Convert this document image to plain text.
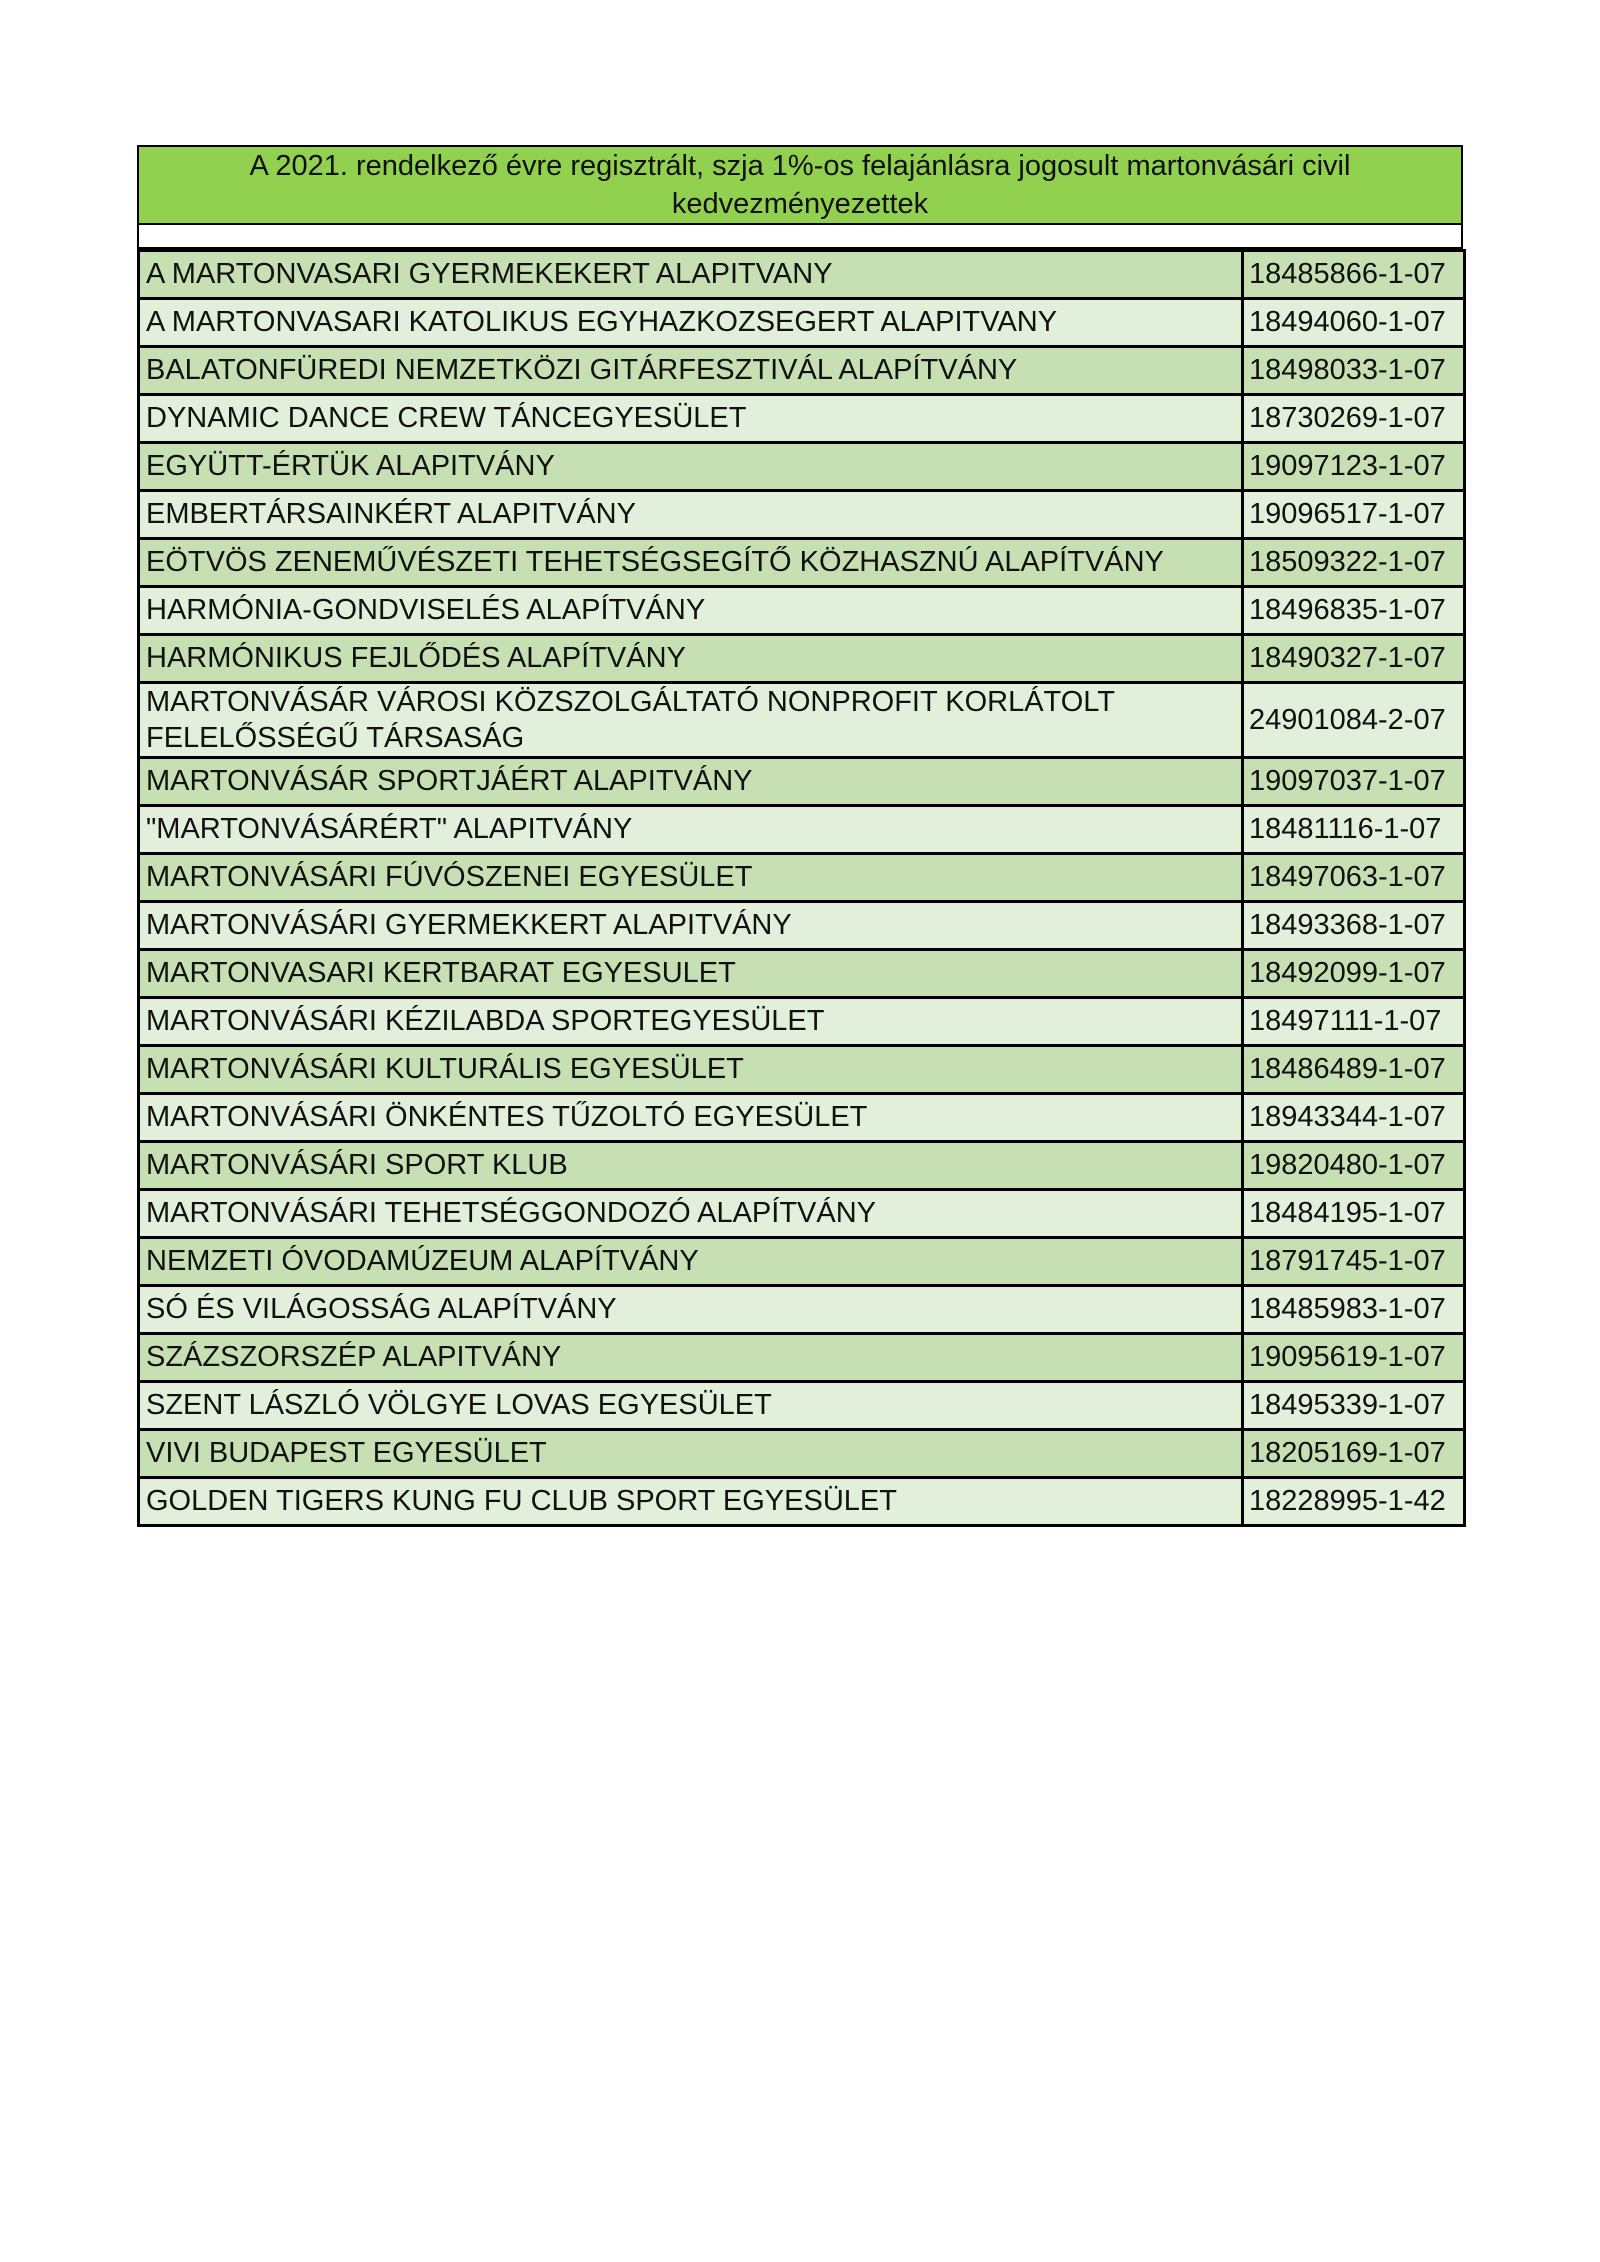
A 2021. rendelkező évre regisztrált, szja 1%-os felajánlásra jogosult martonvásári civil
kedvezményezettek
A MARTONVASARI GYERMEKEKERT ALAPITVANY	18485866-1-07
A MARTONVASARI KATOLIKUS EGYHAZKOZSEGERT ALAPITVANY	18494060-1-07
BALATONFÜREDI NEMZETKÖZI GITÁRFESZTIVÁL ALAPÍTVÁNY	18498033-1-07
DYNAMIC DANCE CREW TÁNCEGYESÜLET	18730269-1-07
EGYÜTT-ÉRTÜK ALAPITVÁNY	19097123-1-07
EMBERTÁRSAINKÉRT ALAPITVÁNY	19096517-1-07
EÖTVÖS ZENEMŰVÉSZETI TEHETSÉGSEGÍTŐ KÖZHASZNÚ ALAPÍTVÁNY	18509322-1-07
HARMÓNIA-GONDVISELÉS ALAPÍTVÁNY	18496835-1-07
HARMÓNIKUS FEJLŐDÉS ALAPÍTVÁNY	18490327-1-07
MARTONVÁSÁR VÁROSI KÖZSZOLGÁLTATÓ NONPROFIT KORLÁTOLT FELELŐSSÉGŰ TÁRSASÁG	24901084-2-07
MARTONVÁSÁR SPORTJÁÉRT ALAPITVÁNY	19097037-1-07
"MARTONVÁSÁRÉRT" ALAPITVÁNY	18481116-1-07
MARTONVÁSÁRI FÚVÓSZENEI EGYESÜLET	18497063-1-07
MARTONVÁSÁRI GYERMEKKERT ALAPITVÁNY	18493368-1-07
MARTONVASARI KERTBARAT EGYESULET	18492099-1-07
MARTONVÁSÁRI KÉZILABDA SPORTEGYESÜLET	18497111-1-07
MARTONVÁSÁRI KULTURÁLIS EGYESÜLET	18486489-1-07
MARTONVÁSÁRI ÖNKÉNTES TŰZOLTÓ EGYESÜLET	18943344-1-07
MARTONVÁSÁRI SPORT KLUB	19820480-1-07
MARTONVÁSÁRI TEHETSÉGGONDOZÓ ALAPÍTVÁNY	18484195-1-07
NEMZETI ÓVODAMÚZEUM ALAPÍTVÁNY	18791745-1-07
SÓ ÉS VILÁGOSSÁG ALAPÍTVÁNY	18485983-1-07
SZÁZSZORSZÉP ALAPITVÁNY	19095619-1-07
SZENT LÁSZLÓ VÖLGYE LOVAS EGYESÜLET	18495339-1-07
VIVI BUDAPEST EGYESÜLET	18205169-1-07
GOLDEN TIGERS KUNG FU CLUB SPORT EGYESÜLET	18228995-1-42
